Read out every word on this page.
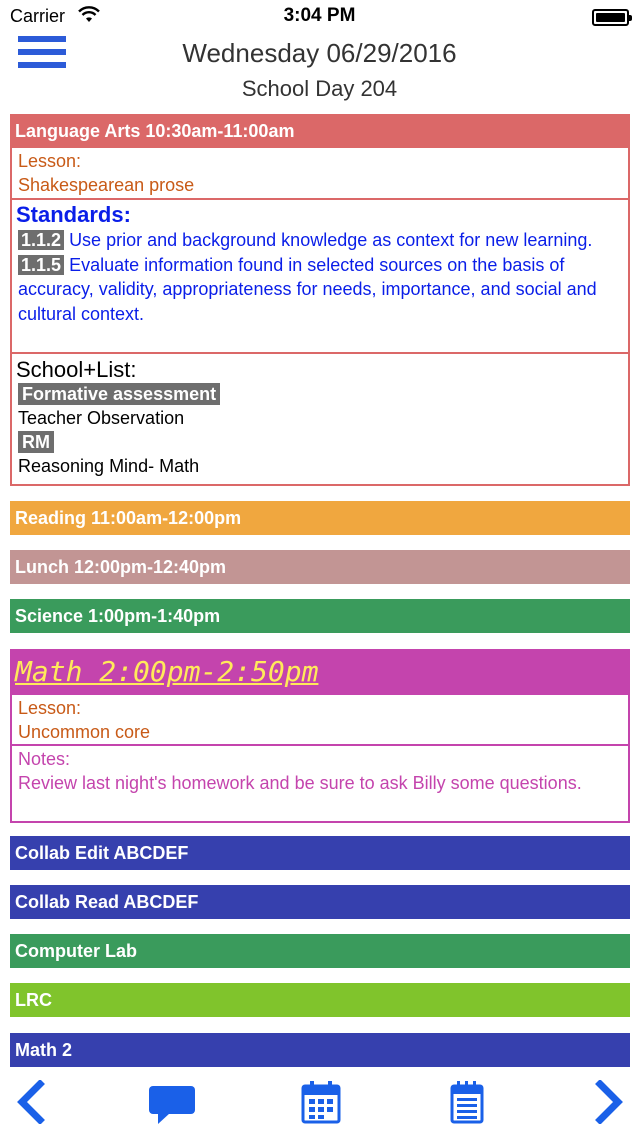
Carrier	3:04 PM
Wednesday 06/29/2016
School Day 204
Language Arts 10:30am-11:00am
Lesson:
Shakespearean prose
Standards:
1.1.2 Use prior and background knowledge as context for new learning.
1.1.5 Evaluate information found in selected sources on the basis of accuracy, validity, appropriateness for needs, importance, and social and cultural context.
School+List:
Formative assessment
Teacher Observation
RM
Reasoning Mind- Math
Reading 11:00am-12:00pm
Lunch 12:00pm-12:40pm
Science 1:00pm-1:40pm
Math 2:00pm-2:50pm
Lesson:
Uncommon core
Notes:
Review last night's homework and be sure to ask Billy some questions.
Collab Edit ABCDEF
Collab Read ABCDEF
Computer Lab
LRC
Math 2
